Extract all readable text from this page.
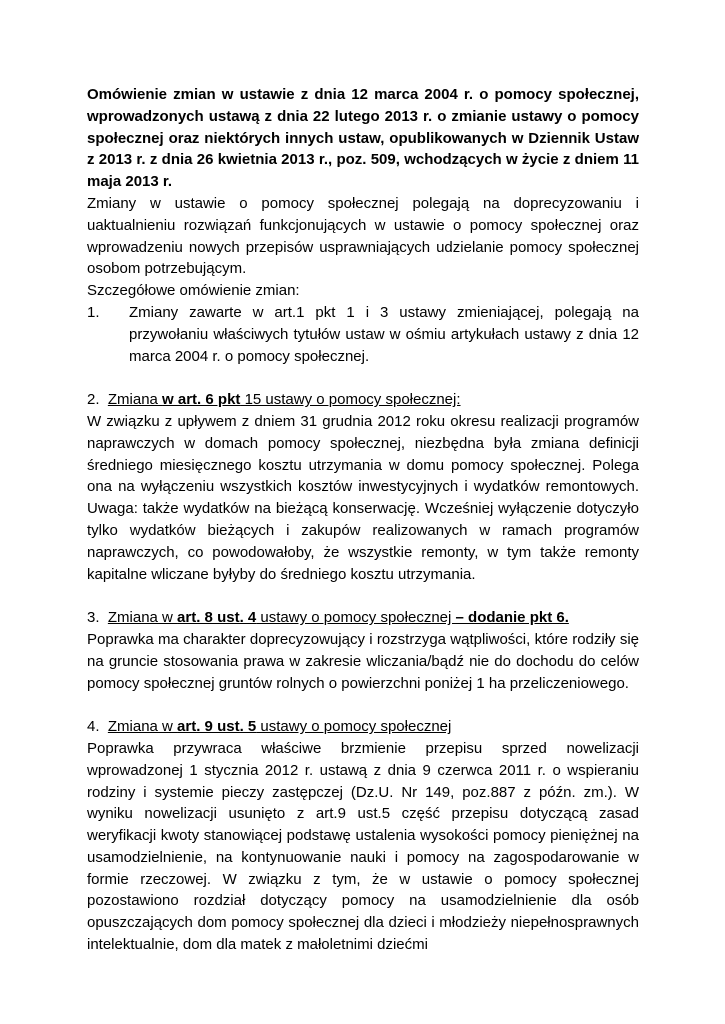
Omówienie zmian w ustawie z dnia 12 marca 2004 r. o pomocy społecznej, wprowadzonych ustawą z dnia 22 lutego 2013 r. o zmianie ustawy o pomocy społecznej oraz niektórych innych ustaw, opublikowanych w Dziennik Ustaw z 2013 r. z dnia 26 kwietnia 2013 r., poz. 509, wchodzących w życie z dniem 11 maja 2013 r.

Zmiany w ustawie o pomocy społecznej polegają na doprecyzowaniu i uaktualnieniu rozwiązań funkcjonujących w ustawie o pomocy społecznej oraz wprowadzeniu nowych przepisów usprawniających udzielanie pomocy społecznej osobom potrzebującym.

Szczegółowe omówienie zmian:

1.	Zmiany zawarte w art.1 pkt 1 i 3 ustawy zmieniającej, polegają na przywołaniu właściwych tytułów ustaw w ośmiu artykułach ustawy z dnia 12 marca 2004 r. o pomocy społecznej.

2. Zmiana w art. 6 pkt 15 ustawy o pomocy społecznej:

W związku z upływem z dniem 31 grudnia 2012 roku okresu realizacji programów naprawczych w domach pomocy społecznej, niezbędna była zmiana definicji średniego miesięcznego kosztu utrzymania w domu pomocy społecznej. Polega ona na wyłączeniu wszystkich kosztów inwestycyjnych i wydatków remontowych. Uwaga: także wydatków na bieżącą konserwację. Wcześniej wyłączenie dotyczyło tylko wydatków bieżących i zakupów realizowanych w ramach programów naprawczych, co powodowałoby, że wszystkie remonty, w tym także remonty kapitalne wliczane byłyby do średniego kosztu utrzymania.

3. Zmiana w art. 8 ust. 4 ustawy o pomocy społecznej – dodanie pkt 6.

Poprawka ma charakter doprecyzowujący i rozstrzyga wątpliwości, które rodziły się na gruncie stosowania prawa w zakresie wliczania/bądź nie do dochodu do celów pomocy społecznej gruntów rolnych o powierzchni poniżej 1 ha przeliczeniowego.

4. Zmiana w art. 9 ust. 5 ustawy o pomocy społecznej

Poprawka przywraca właściwe brzmienie przepisu sprzed nowelizacji wprowadzonej 1 stycznia 2012 r. ustawą z dnia 9 czerwca 2011 r. o wspieraniu rodziny i systemie pieczy zastępczej (Dz.U. Nr 149, poz.887 z późn. zm.). W wyniku nowelizacji usunięto z art.9 ust.5 część przepisu dotyczącą zasad weryfikacji kwoty stanowiącej podstawę ustalenia wysokości pomocy pieniężnej na usamodzielnienie, na kontynuowanie nauki i pomocy na zagospodarowanie w formie rzeczowej. W związku z tym, że w ustawie o pomocy społecznej pozostawiono rozdział dotyczący pomocy na usamodzielnienie dla osób opuszczających dom pomocy społecznej dla dzieci i młodzieży niepełnosprawnych intelektualnie, dom dla matek z małoletnimi dziećmi
